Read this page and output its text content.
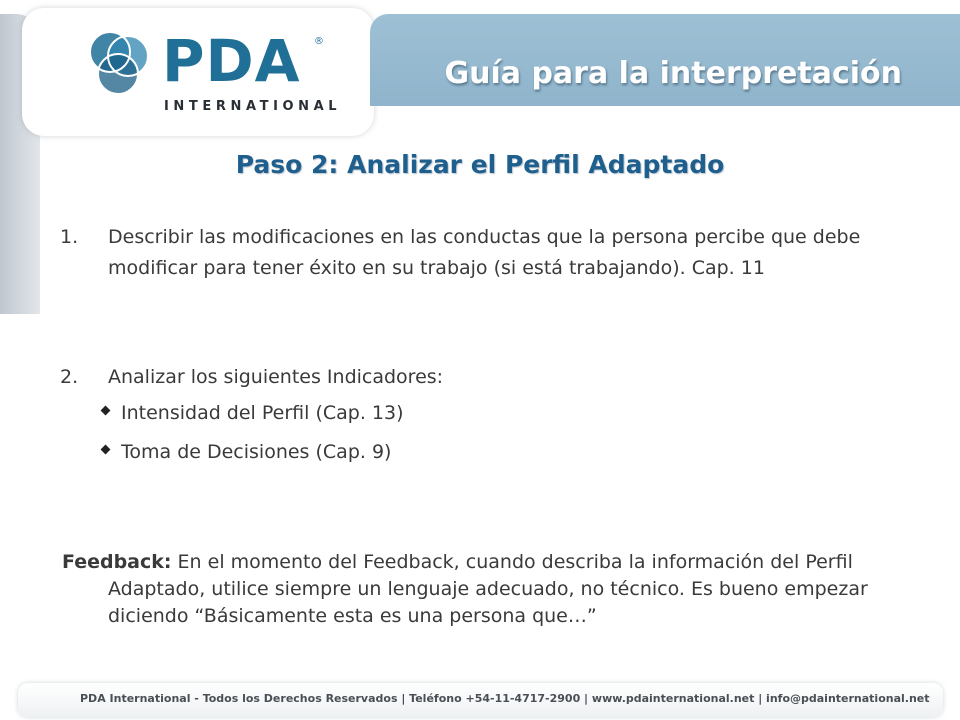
PDA ®
INTERNATIONAL
Guía para la interpretación
Paso 2: Analizar el Perfil Adaptado
1. Describir las modificaciones en las conductas que la persona percibe que debe modificar para tener éxito en su trabajo (si está trabajando). Cap. 11
2. Analizar los siguientes Indicadores:
Intensidad del Perfil (Cap. 13)
Toma de Decisiones (Cap. 9)
Feedback: En el momento del Feedback, cuando describa la información del Perfil Adaptado, utilice siempre un lenguaje adecuado, no técnico. Es bueno empezar diciendo “Básicamente esta es una persona que…”
PDA International - Todos los Derechos Reservados | Teléfono +54-11-4717-2900 | www.pdainternational.net | info@pdainternational.net
